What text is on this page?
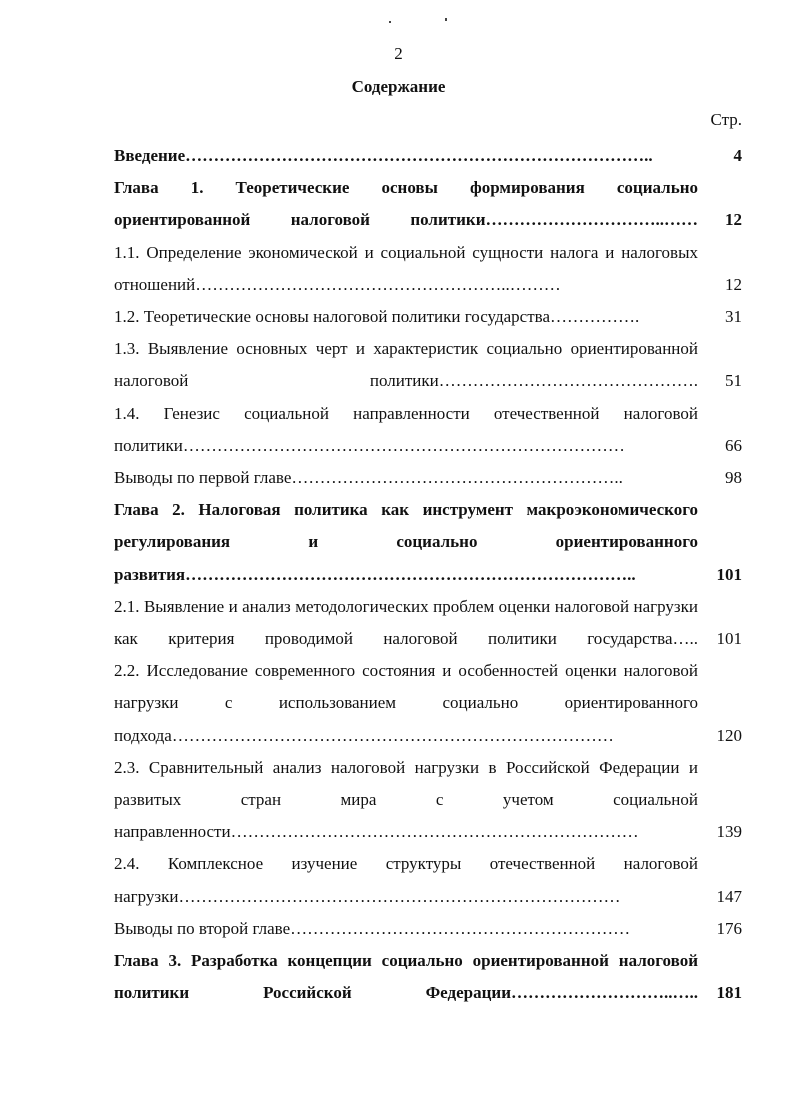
2
Содержание
Стр.
Введение………………………………………………………………………..	4
Глава 1. Теоретические основы формирования социально ориентированной налоговой политики…………………………..……	12
1.1. Определение экономической и социальной сущности налога и налоговых отношений………………………………………………..………	12
1.2. Теоретические основы налоговой политики государства…………….	31
1.3. Выявление основных черт и характеристик социально ориентированной налоговой политики……………………………………….	51
1.4. Генезис социальной направленности отечественной налоговой политики……………………………………………………………………	66
Выводы по первой главе…………………………………………………..	98
Глава 2. Налоговая политика как инструмент макроэкономического регулирования и социально ориентированного развития……………………………………………………………………..	101
2.1. Выявление и анализ методологических проблем оценки налоговой нагрузки как критерия проводимой налоговой политики государства…..	101
2.2. Исследование современного состояния и особенностей оценки налоговой нагрузки с использованием социально ориентированного подхода……………………………………………………………………	120
2.3. Сравнительный анализ налоговой нагрузки в Российской Федерации и развитых стран мира с учетом социальной направленности………………………………………………………………	139
2.4. Комплексное изучение структуры отечественной налоговой нагрузки……………………………………………………………………	147
Выводы по второй главе……………………………………………………	176
Глава 3. Разработка концепции социально ориентированной налоговой политики Российской Федерации………………………..…..	181
